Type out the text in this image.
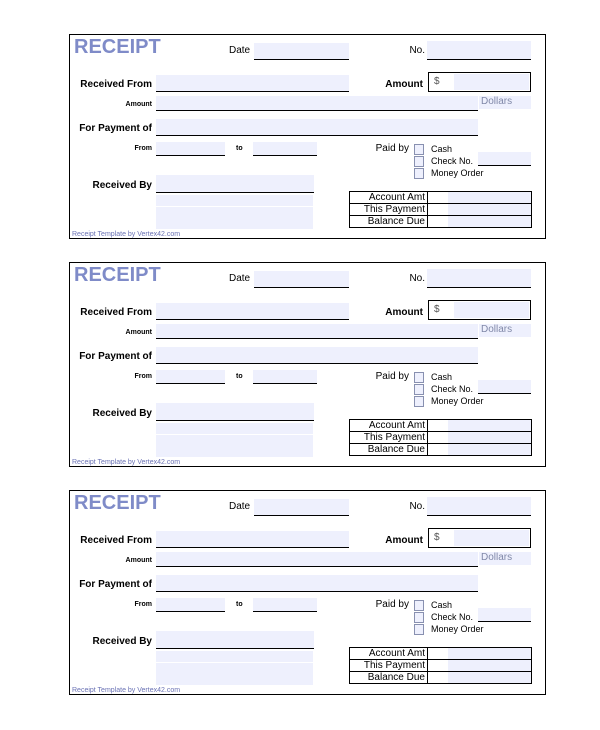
RECEIPT	Date	No.
Received From	Amount $
Amount	Dollars
For Payment of
From	to	Paid by Cash
Check No.
Money Order
Received By
Account Amt	

This Payment	

Balance Due	
Receipt Template by Vertex42.com
RECEIPT	Date	No.
Received From	Amount $
Amount	Dollars
For Payment of
From	to	Paid by Cash
Check No.
Money Order
Received By
Account Amt	

This Payment	

Balance Due	
Receipt Template by Vertex42.com
RECEIPT	Date	No.
Received From	Amount $
Amount	Dollars
For Payment of
From	to	Paid by Cash
Check No.
Money Order
Received By
Account Amt	

This Payment	

Balance Due	
Receipt Template by Vertex42.com
